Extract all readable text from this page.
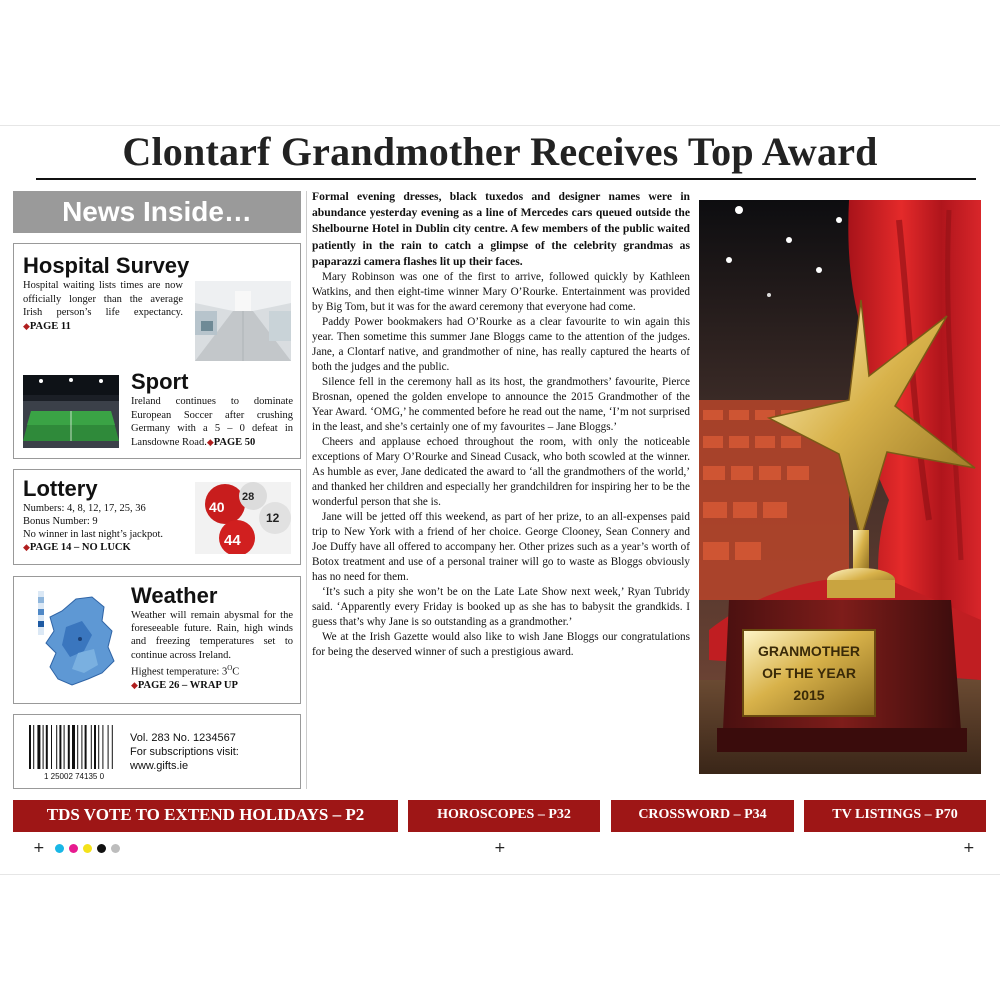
Clontarf Grandmother Receives Top Award
News Inside…
Hospital Survey
Hospital waiting lists times are now officially longer than the average Irish person’s life expectancy. ◆PAGE 11
Sport
Ireland continues to dominate European Soccer after crushing Germany with a 5 – 0 defeat in Lansdowne Road.◆PAGE 50
Lottery
Numbers: 4, 8, 12, 17, 25, 36
Bonus Number: 9
No winner in last night’s jackpot.
◆PAGE 14 – NO LUCK
40
28
12
44
Weather
Weather will remain abysmal for the foreseeable future. Rain, high winds and freezing temperatures set to continue across Ireland.
Highest temperature: $3^OC$
◆PAGE 26 – WRAP UP
1 25002 74135 0
Vol. 283 No. 1234567
For subscriptions visit:
www.gifts.ie

Formal evening dresses, black tuxedos and designer names were in abundance yesterday evening as a line of Mercedes cars queued outside the Shelbourne Hotel in Dublin city centre. A few members of the public waited patiently in the rain to catch a glimpse of the celebrity grandmas as paparazzi camera flashes lit up their faces.

Mary Robinson was one of the first to arrive, followed quickly by Kathleen Watkins, and then eight-time winner Mary O’Rourke. Entertainment was provided by Big Tom, but it was for the award ceremony that everyone had come.

Paddy Power bookmakers had O’Rourke as a clear favourite to win again this year. Then sometime this summer Jane Bloggs came to the attention of the judges. Jane, a Clontarf native, and grandmother of nine, has really captured the hearts of both the judges and the public.

Silence fell in the ceremony hall as its host, the grandmothers’ favourite, Pierce Brosnan, opened the golden envelope to announce the 2015 Grandmother of the Year Award. ‘OMG,’ he commented before he read out the name, ‘I’m not surprised in the least, and she’s certainly one of my favourites – Jane Bloggs.’

Cheers and applause echoed throughout the room, with only the noticeable exceptions of Mary O’Rourke and Sinead Cusack, who both scowled at the winner. As humble as ever, Jane dedicated the award to ‘all the grandmothers of the world,’ and thanked her children and especially her grandchildren for inspiring her to be the wonderful person that she is.

Jane will be jetted off this weekend, as part of her prize, to an all-expenses paid trip to New York with a friend of her choice. George Clooney, Sean Connery and Joe Duffy have all offered to accompany her. Other prizes such as a year’s worth of Botox treatment and use of a personal trainer will go to waste as Bloggs obviously has no need for them.

‘It’s such a pity she won’t be on the Late Late Show next week,’ Ryan Tubridy said. ‘Apparently every Friday is booked up as she has to babysit the grandkids. I guess that’s why Jane is so outstanding as a grandmother.’

We at the Irish Gazette would also like to wish Jane Bloggs our congratulations for being the deserved winner of such a prestigious award.	GRANMOTHER
OF THE YEAR
2015
TDS VOTE TO EXTEND HOLIDAYS – P2	HOROSCOPES – P32	CROSSWORD – P34	TV LISTINGS – P70
+	+	+
